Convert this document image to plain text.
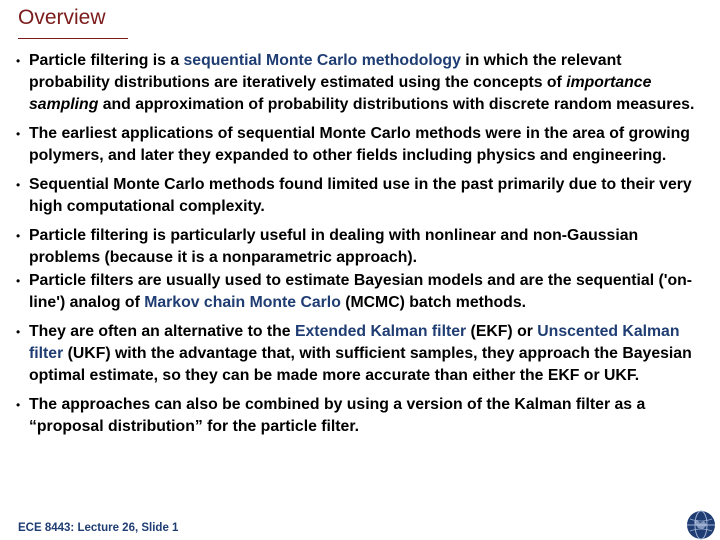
Overview
• Particle filtering is a sequential Monte Carlo methodology in which the relevant probability distributions are iteratively estimated using the concepts of importance sampling and approximation of probability distributions with discrete random measures.
• The earliest applications of sequential Monte Carlo methods were in the area of growing polymers, and later they expanded to other fields including physics and engineering.
• Sequential Monte Carlo methods found limited use in the past primarily due to their very high computational complexity.
• Particle filtering is particularly useful in dealing with nonlinear and non-Gaussian problems (because it is a nonparametric approach).
• Particle filters are usually used to estimate Bayesian models and are the sequential ('on-line') analog of Markov chain Monte Carlo (MCMC) batch methods.
• They are often an alternative to the Extended Kalman filter (EKF) or Unscented Kalman filter (UKF) with the advantage that, with sufficient samples, they approach the Bayesian optimal estimate, so they can be made more accurate than either the EKF or UKF.
• The approaches can also be combined by using a version of the Kalman filter as a “proposal distribution” for the particle filter.
ECE 8443: Lecture 26, Slide 1
